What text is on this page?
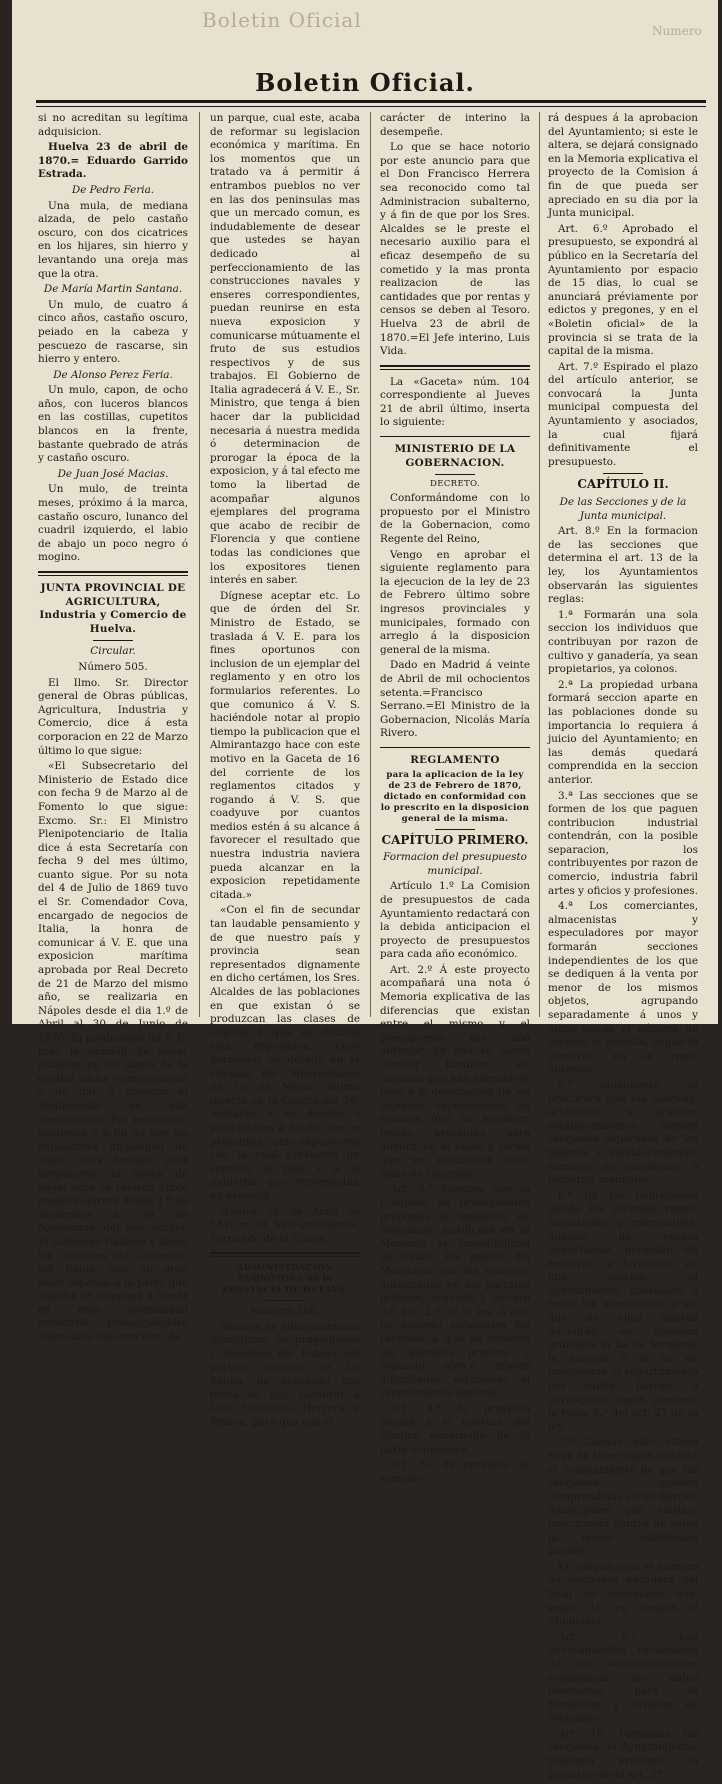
Boletin Oficial	Numero
Boletin Oficial.

si no acreditan su legítima adquisicion.

Huelva 23 de abril de 1870.= Eduardo Garrido Estrada.

De Pedro Feria.

Una mula, de mediana alzada, de pelo castaño oscuro, con dos cicatrices en los hijares, sin hierro y levantando una oreja mas que la otra.

De María Martin Santana.

Un mulo, de cuatro á cinco años, castaño oscuro, peiado en la cabeza y pescuezo de rascarse, sin hierro y entero.

De Alonso Perez Feria.

Un mulo, capon, de ocho años, con luceros blancos en las costillas, cupetitos blancos en la frente, bastante quebrado de atrás y castaño oscuro.

De Juan José Macias.

Un mulo, de treinta meses, próximo á la marca, castaño oscuro, lunanco del cuadril izquierdo, el labio de abajo un poco negro ó mogino.

JUNTA PROVINCIAL DE AGRICULTURA, Industria y Comercio de Huelva.

Circular.

Número 505.

El Ilmo. Sr. Director general de Obras públicas, Agricultura, Industria y Comercio, dice á esta corporacion en 22 de Marzo último lo que sigue:

«El Subsecretario del Ministerio de Estado dice con fecha 9 de Marzo al de Fomento lo que sigue: Excmo. Sr.: El Ministro Plenipotenciario de Italia dice á esta Secretaría con fecha 9 del mes último, cuanto sigue. Por su nota del 4 de Julio de 1869 tuvo el Sr. Comendador Cova, encargado de negocios de Italia, la honra de comunicar á V. E. que una exposicion marítima aprobada por Real Decreto de 21 de Marzo del mismo año, se realizaria en Nápoles desde el dia 1.º de Abril al 30 de Junio de 1870. El predecesor de V. E. tuvo la bondad de hacer publicar en un diario de la capital dicha comunicacion y de dar á conocer el Reglamento en ella mencionado. Por resolucion posterior, y á fin de que los expositores dispongan de algun mas tiempo para prepararse, la época de aquel acto se retarda cinco meses y durará desde 1.º de Setiembre á 30 de Noviembre del año actual. El Gobierno Italiano y todas las cámaras de Comercio del Reino, dan un gran valor especial á la parte que España se disponga á tomar en esta solemnidad industrial, preocupándose sobre todo del concurso de

un parque, cual este, acaba de reformar su legislacion económica y marítima. En los momentos que un tratado va á permitir á entrambos pueblos no ver en las dos peninsulas mas que un mercado comun, es indudablemente de desear que ustedes se hayan dedicado al perfeccionamiento de las construcciones navales y enseres correspondientes, puedan reunirse en esta nueva exposicion y comunicarse mútuamente el fruto de sus estudios respectivos y de sus trabajos. El Gobierno de Italia agradecerá á V. E., Sr. Ministro, que tenga á bien hacer dar la publicidad necesaria á nuestra medida ó determinacion de prorogar la época de la exposicion, y á tal efecto me tomo la libertad de acompañar algunos ejemplares del programa que acabo de recibir de Florencia y que contiene todas las condiciones que los expositores tienen interés en saber.

Dígnese aceptar etc. Lo que de órden del Sr. Ministro de Estado, se traslada á V. E. para los fines oportunos con inclusion de un ejemplar del reglamento y en otro los formularios referentes. Lo que comunico á V. S. haciéndole notar al propio tiempo la publicacion que el Almirantazgo hace con este motivo en la Gaceta de 16 del corriente de los reglamentos citados y rogando á V. S. que coadyuve por cuantos medios estén á su alcance á favorecer el resultado que nuestra industria naviera pueda alcanzar en la exposicion repetidamente citada.»

«Con el fin de secundar tan laudable pensamiento y de que nuestro país y provincia sean representados dignamente en dicho certámen, los Sres. Alcaldes de las poblaciones en que existan ó se produzcan las clases de objetos á que se destina esta esposicion, cuyo pormenor se detalla en la circular del Almirantazgo de 10 de Marzo último inserta en la Gaceta del 16; invitarán á los dueños ó productores á fin de que se presenten como expositores con lo cual prestarán un servicio al país y á la industria que representan en especial.

Huelva 22 de Abril de 1870.= El Vice-presidente, Fernando de la Cueva.

ADMINISTRACION ECONÓMICA de la PROVINCIA DE HUELVA.

Número 506.

Vacante la Administracion Subalterna de propiedades y derechos del Estado del partido judicial de La Palma, he acordado con fecha de hoy, nombrar á Don Francisco Herrera y Pinzon, para que con el

carácter de interino la desempeñe.

Lo que se hace notorio por este anuncio para que el Don Francisco Herrera sea reconocido como tal Administracion subalterno, y á fin de que por los Sres. Alcaldes se le preste el necesario auxilio para el eficaz desempeño de su cometido y la mas pronta realizacion de las cantidades que por rentas y censos se deben al Tesoro. Huelva 23 de abril de 1870.=El Jefe interino, Luis Vida.

La «Gaceta» núm. 104 correspondiente al Jueves 21 de abril último, inserta lo siguiente:

MINISTERIO DE LA GOBERNACION.

DECRETO.

Conformándome con lo propuesto por el Ministro de la Gobernacion, como Regente del Reino,

Vengo en aprobar el siguiente reglamento para la ejecucion de la ley de 23 de Febrero último sobre ingresos provinciales y municipales, formado con arreglo á la disposicion general de la misma.

Dado en Madrid á veinte de Abril de mil ochocientos setenta.=Francisco Serrano.=El Ministro de la Gobernacion, Nicolás María Rivero.

REGLAMENTO

para la aplicacion de la ley de 23 de Febrero de 1870, dictado en conformidad con lo prescrito en la disposicion general de la misma.

CAPÍTULO PRIMERO.

Formacion del presupuesto municipal.

Artículo 1.º La Comision de presupuestos de cada Ayuntamiento redactará con la debida anticipacion el proyecto de presupuestos para cada año económico.

Art. 2.º Á este proyecto acompañará una nota ó Memoria explicativa de las diferencias que existan entre el mismo y el presupuesto del año anterior. En ella se harán constar tambien los cálculos que han servido de base á la designacion de los ingresos, exponiéndose las razones que se hubieren tenido presentes para admitir en el modo y forma que se establezca cada clase de recursos.

Art. 3.º Siempre que la Comision de presupuestos proponga el impuesto de consumos, justificará en la Memoria la imposibilidad de cubrir los gastos del Municipio con los recursos autorizados en los párrafos primero, segundo y tercero del art. 2.º de la ley, ó que no sienedo suficientes los recursos á que se refieren los párrafos primero y segundo ofrece graves dificultades establecer el repartimiento general.

Art. 4.º El proyecto pasará á la censura del Síndico encargado de la parte económica.

Art. 5.º El proyecto se somete-

rá despues á la aprobacion del Ayuntamiento; si este le altera, se dejará consignado en la Memoria explicativa el proyecto de la Comision á fin de que pueda ser apreciado en su dia por la Junta municipal.

Art. 6.º Aprobado el presupuesto, se expondrá al público en la Secretaría del Ayuntamiento por espacio de 15 dias, lo cual se anunciará préviamente por edictos y pregones, y en el «Boletin oficial» de la provincia si se trata de la capital de la misma.

Art. 7.º Espirado el plazo del artículo anterior, se convocará la Junta municipal compuesta del Ayuntamiento y asociados, la cual fijará definitivamente el presupuesto.

CAPÍTULO II.

De las Secciones y de la Junta municipal.

Art. 8.º En la formacion de las secciones que determina el art. 13 de la ley, los Ayuntamientos observarán las siguientes reglas:

1.ª Formarán una sola seccion los individuos que contribuyan por razon de cultivo y ganadería, ya sean propietarios, ya colonos.

2.ª La propiedad urbana formará seccion aparte en las poblaciones donde su importancia lo requiera á juicio del Ayuntamiento; en las demás quedará comprendida en la seccion anterior.

3.ª Las secciones que se formen de los que paguen contribucion industrial contendrán, con la posible separacion, los contribuyentes por razon de comercio, industria fabril artes y oficios y profesiones.

4.ª Los comerciantes, almacenistas y especuladores por mayor formarán secciones independientes de los que se dediquen á la venta por menor de los mismos objetos, agrupando separadamente á unos y otros donde el número de vecinos lo permita, segun lo prescrito en la regla anterior.

5.ª Igualmente se procurará que las fábricas, artefactos, y grandes establecimientos formen secciones separadas de los talleres y establecimientos menores de confeccion ó industria manuales.

6.ª En las poblaciones donde los diversos ramos industriales y mercantiles, aunque de escasa importancia, permitan sin embargo la formacion de una seccion, el Ayuntamiento convocará á todos los interesados, y los que de ellos asistan decidirán en votacion ordinaria si ha de formarse la seccion ó si ha de procederse al repartimiento por calles, barrios ó parroquias, segun previene la regla 3.ª del art. 27 de la ley.

7.ª Cuando esto último haya de tener lugar, cuidará el Ayuntamiento de que las secciones queden comprendidas en los barrios municipales que existan, procurando dentro de estos la mayor subdivision posible.

En ningun caso el número de secciones excederá del total de concejales que, segun la ley, tengan el Municipio.

Art. 9.º Los Ayuntamientos reclamarán de las Administraciones económicas los datos necesarios para la formacion y division de secciones.

Art. 10. Formadas las secciones, el Ayuntamiento, teniendo presente lo prescrito en el art. 27
